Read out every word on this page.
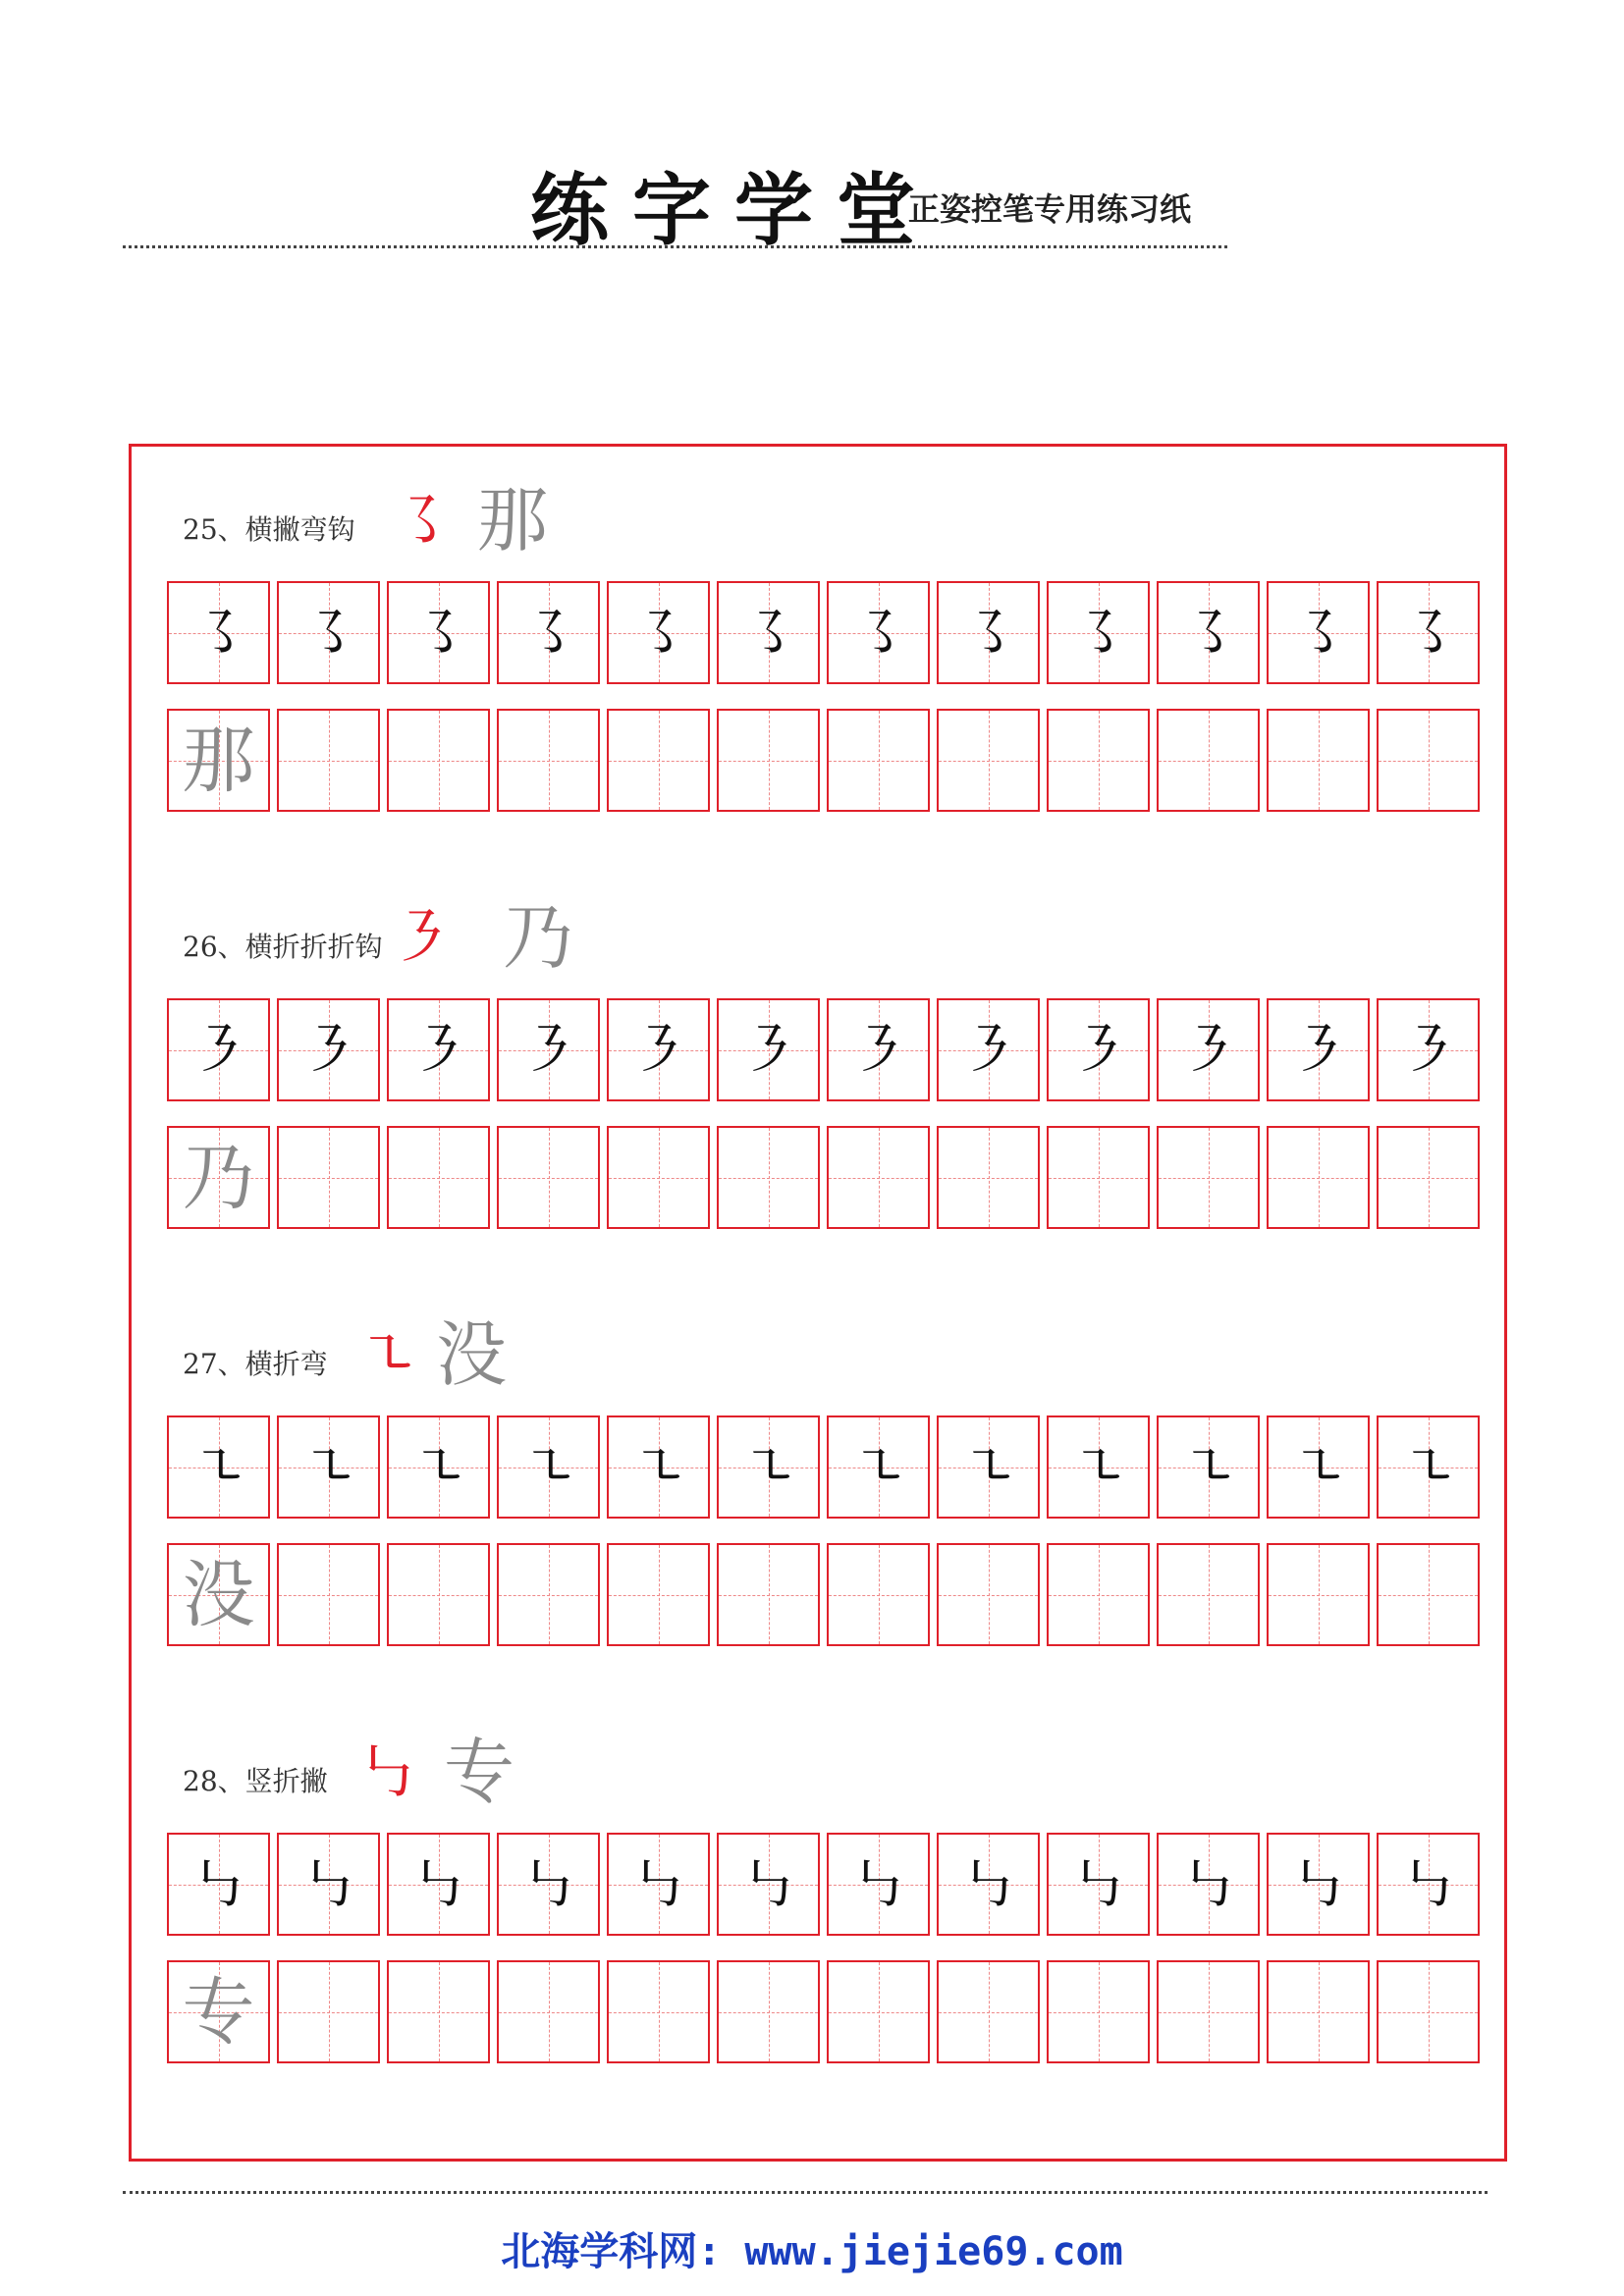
练字学堂
正姿控笔专用练习纸
25、横撇弯钩 ㇌ 那
㇌ ㇌ ㇌ ㇌ ㇌ ㇌ ㇌ ㇌ ㇌ ㇌ ㇌ ㇌
那
26、横折折折钩 ㇋ 乃
㇋ ㇋ ㇋ ㇋ ㇋ ㇋ ㇋ ㇋ ㇋ ㇋ ㇋ ㇋
乃
27、横折弯 ㇍ 没
㇍ ㇍ ㇍ ㇍ ㇍ ㇍ ㇍ ㇍ ㇍ ㇍ ㇍ ㇍
没
28、竖折撇 ㇉ 专
㇉ ㇉ ㇉ ㇉ ㇉ ㇉ ㇉ ㇉ ㇉ ㇉ ㇉ ㇉
专
北海学科网: www.jiejie69.com
